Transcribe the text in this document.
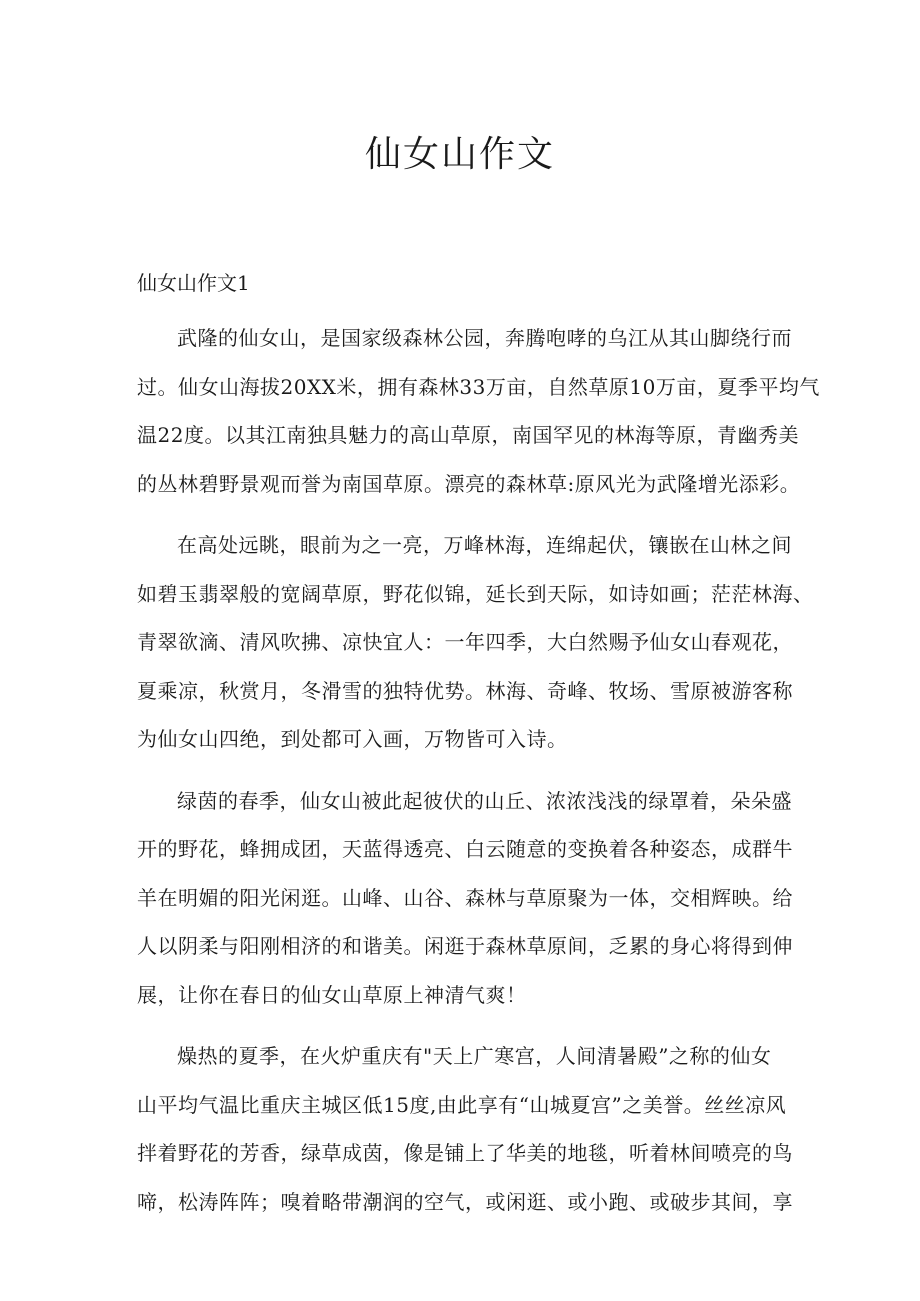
仙女山作文
仙女山作文1
武隆的仙女山，是国家级森林公园，奔腾咆哮的乌江从其山脚绕行而
过。仙女山海拔20XX米，拥有森林33万亩，自然草原10万亩，夏季平均气
温22度。以其江南独具魅力的高山草原，南国罕见的林海等原，青幽秀美
的丛林碧野景观而誉为南国草原。漂亮的森林草:原风光为武隆增光添彩。
在高处远眺，眼前为之一亮，万峰林海，连绵起伏，镶嵌在山林之间
如碧玉翡翠般的宽阔草原，野花似锦，延长到天际，如诗如画；茫茫林海、
青翠欲滴、清风吹拂、凉快宜人：一年四季，大白然赐予仙女山春观花，
夏乘凉，秋赏月，冬滑雪的独特优势。林海、奇峰、牧场、雪原被游客称
为仙女山四绝，到处都可入画，万物皆可入诗。
绿茵的春季，仙女山被此起彼伏的山丘、浓浓浅浅的绿罩着，朵朵盛
开的野花，蜂拥成团，天蓝得透亮、白云随意的变换着各种姿态，成群牛
羊在明媚的阳光闲逛。山峰、山谷、森林与草原聚为一体，交相辉映。给
人以阴柔与阳刚相济的和谐美。闲逛于森林草原间，乏累的身心将得到伸
展，让你在春日的仙女山草原上神清气爽！
燥热的夏季，在火炉重庆有"天上广寒宫，人间清暑殿”之称的仙女
山平均气温比重庆主城区低15度,由此享有“山城夏宫”之美誉。丝丝凉风
拌着野花的芳香，绿草成茵，像是铺上了华美的地毯，听着林间喷亮的鸟
啼，松涛阵阵；嗅着略带潮润的空气，或闲逛、或小跑、或破步其间，享
